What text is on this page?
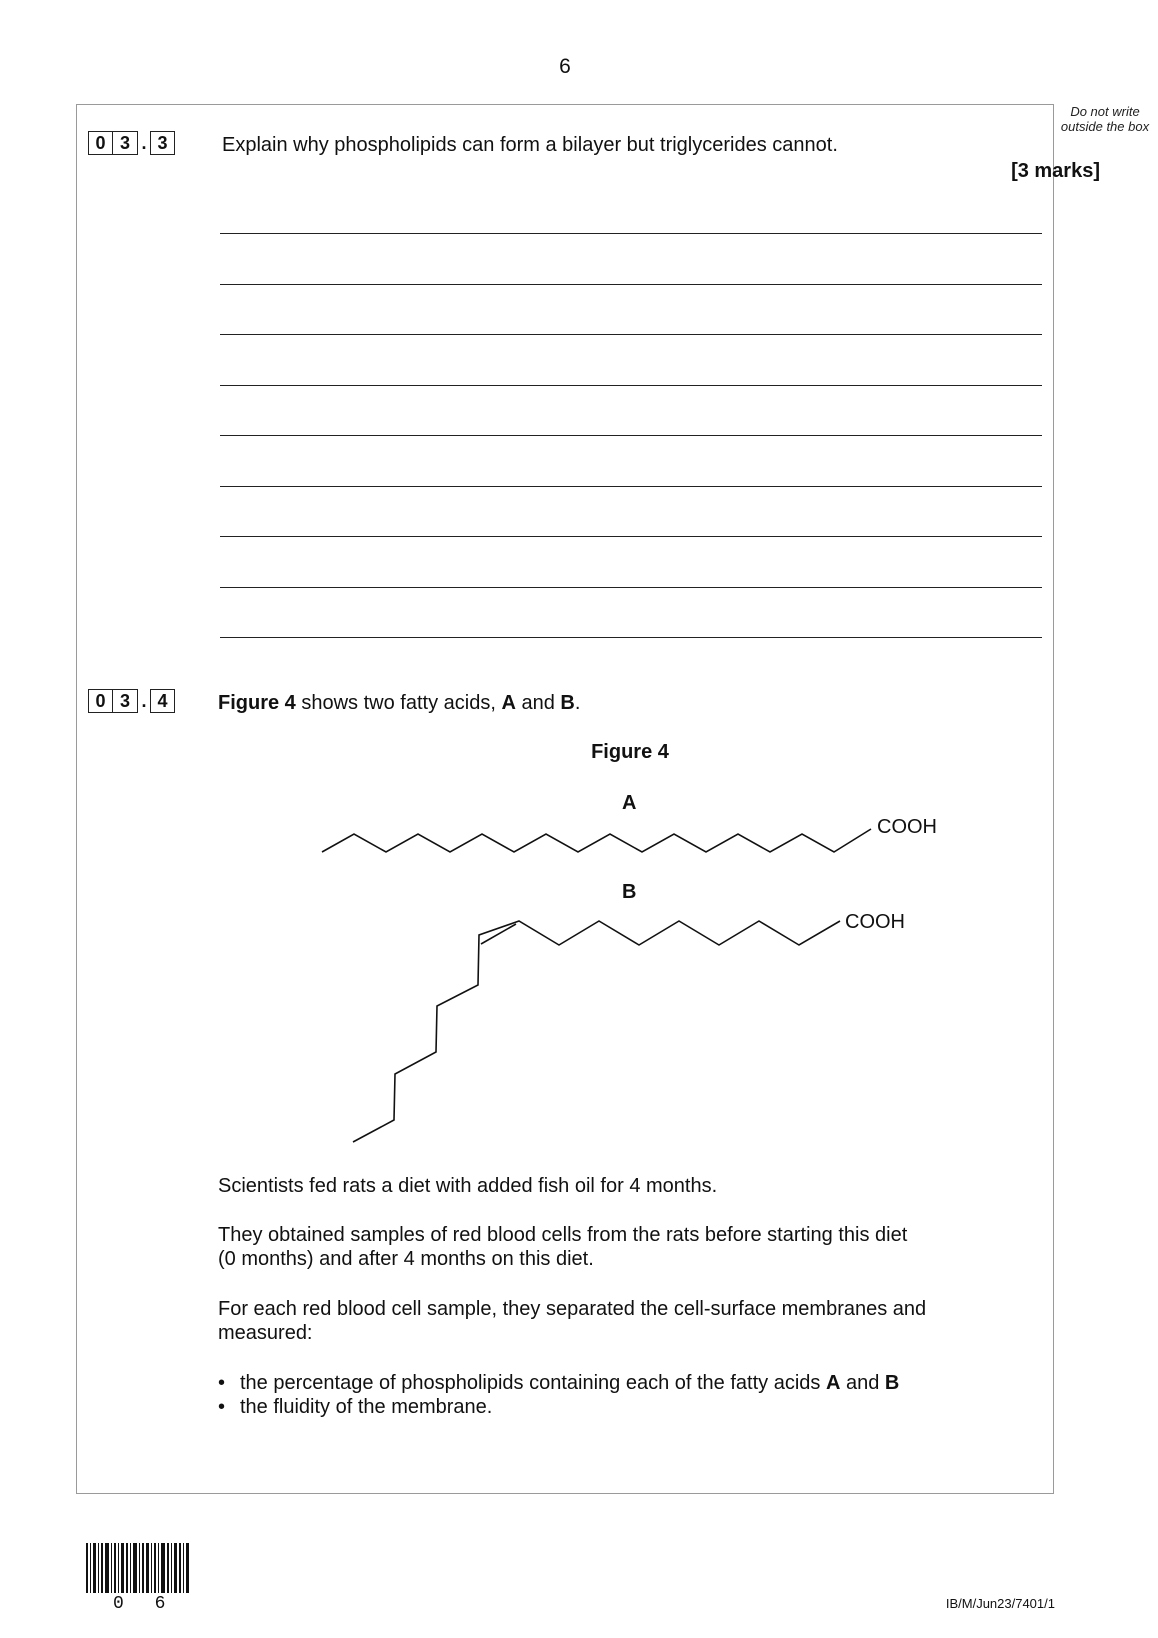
6
Do not write outside the box
0 3 . 3	Explain why phospholipids can form a bilayer but triglycerides cannot.
[3 marks]
0 3 . 4	Figure 4 shows two fatty acids, A and B.
Figure 4
A
COOH
B
COOH
Scientists fed rats a diet with added fish oil for 4 months.
They obtained samples of red blood cells from the rats before starting this diet
(0 months) and after 4 months on this diet.
For each red blood cell sample, they separated the cell-surface membranes and
measured:
• the percentage of phospholipids containing each of the fatty acids A and B
• the fluidity of the membrane.
0 6	IB/M/Jun23/7401/1
